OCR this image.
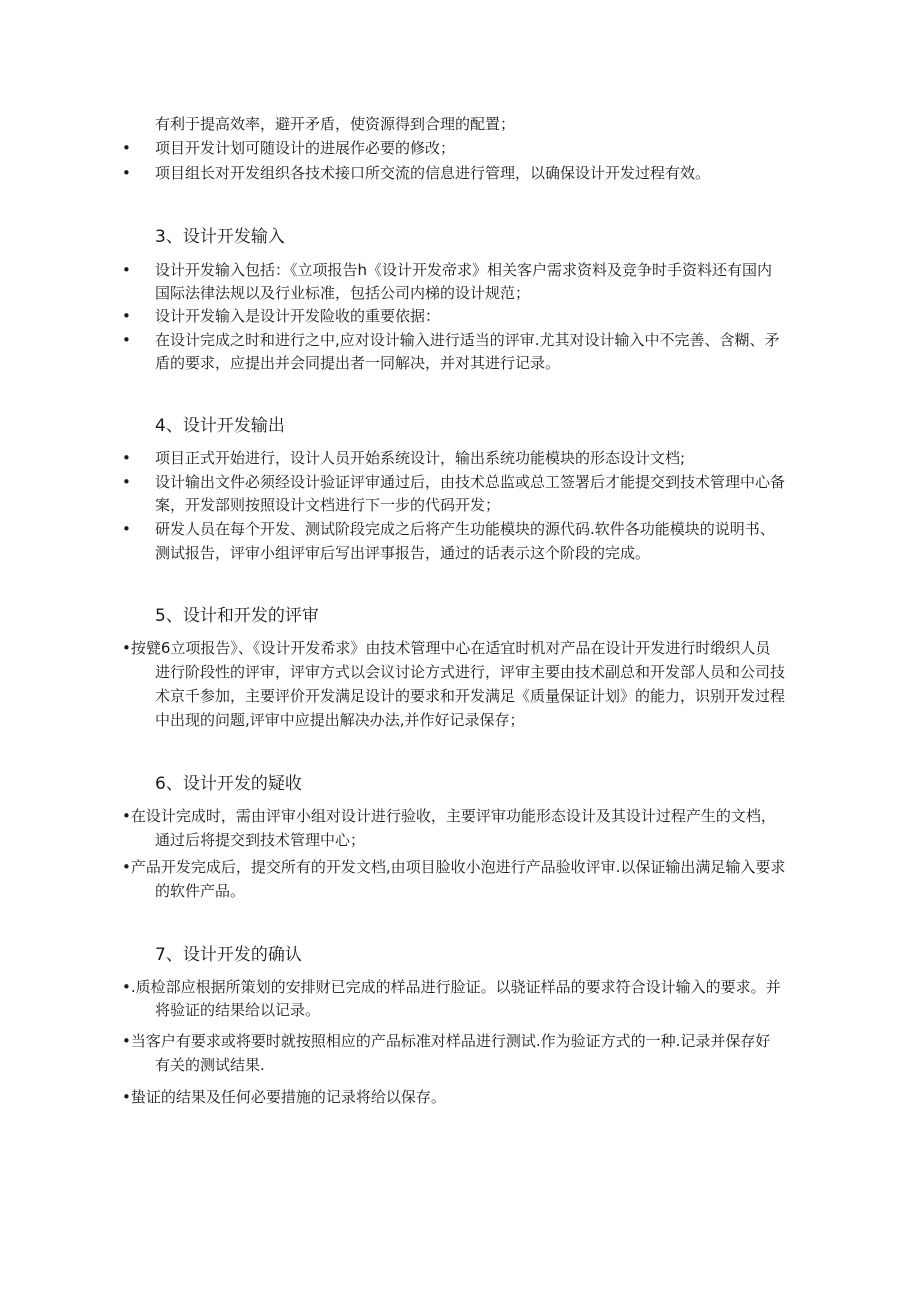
有利于提高效率，避开矛盾，使资源得到合理的配置；
• 项目开发计划可随设计的进展作必要的修改；
• 项目组长对开发组织各技术接口所交流的信息进行管理，以确保设计开发过程有效。
3、设计开发输入
• 设计开发输入包括：《立项报告h《设计开发帝求》相关客户需求资料及竞争时手资料还有国内
国际法律法规以及行业标准，包括公司内梯的设计规范；
• 设计开发输入是设计开发险收的重要依据：
• 在设计完成之时和进行之中,应对设计输入进行适当的评审.尤其对设计输入中不完善、含糊、矛
盾的要求，应提出并会同提出者一同解决，并对其进行记录。
4、设计开发输出
• 项目正式开始进行，设计人员开始系统设计，输出系统功能模块的形态设计文档;
• 设计输出文件必须经设计验证评审通过后，由技术总监或总工签署后才能提交到技术管理中心备
案，开发部则按照设计文档进行下一步的代码开发；
• 研发人员在每个开发、测试阶段完成之后将产生功能模块的源代码.软件各功能模块的说明书、
测试报告，评审小组评审后写出评事报告，通过的话表示这个阶段的完成。
5、设计和开发的评审
•按甓6立项报告》、《设计开发希求》由技术管理中心在适宜时机对产品在设计开发进行时缎织人员
进行阶段性的评审，评审方式以会议讨论方式进行，评审主要由技术副总和开发部人员和公司技
术京千参加，主要评价开发满足设计的要求和开发满足《质量保证计划》的能力，识别开发过程
中出现的问题,评审中应提出解决办法,并作好记录保存；
6、设计开发的疑收
•在设计完成时，需由评审小组对设计进行验收，主要评审功能形态设计及其设计过程产生的文档，
通过后将提交到技术管理中心；
•产品开发完成后，提交所有的开发文档,由项目脸收小泡进行产品验收评审.以保证输出满足输入要求
的软件产品。
7、设计开发的确认
•.质检部应根据所策划的安排财已完成的样品进行脸证。以骁证样品的要求符合设计输入的要求。并
将验证的结果给以记录。
•当客户有要求或将要时就按照相应的产品标准对样品进行测试.作为验证方式的一种.记录并保存好
有关的测试结果.
•蛰证的结果及任何必要措施的记录将给以保存。
